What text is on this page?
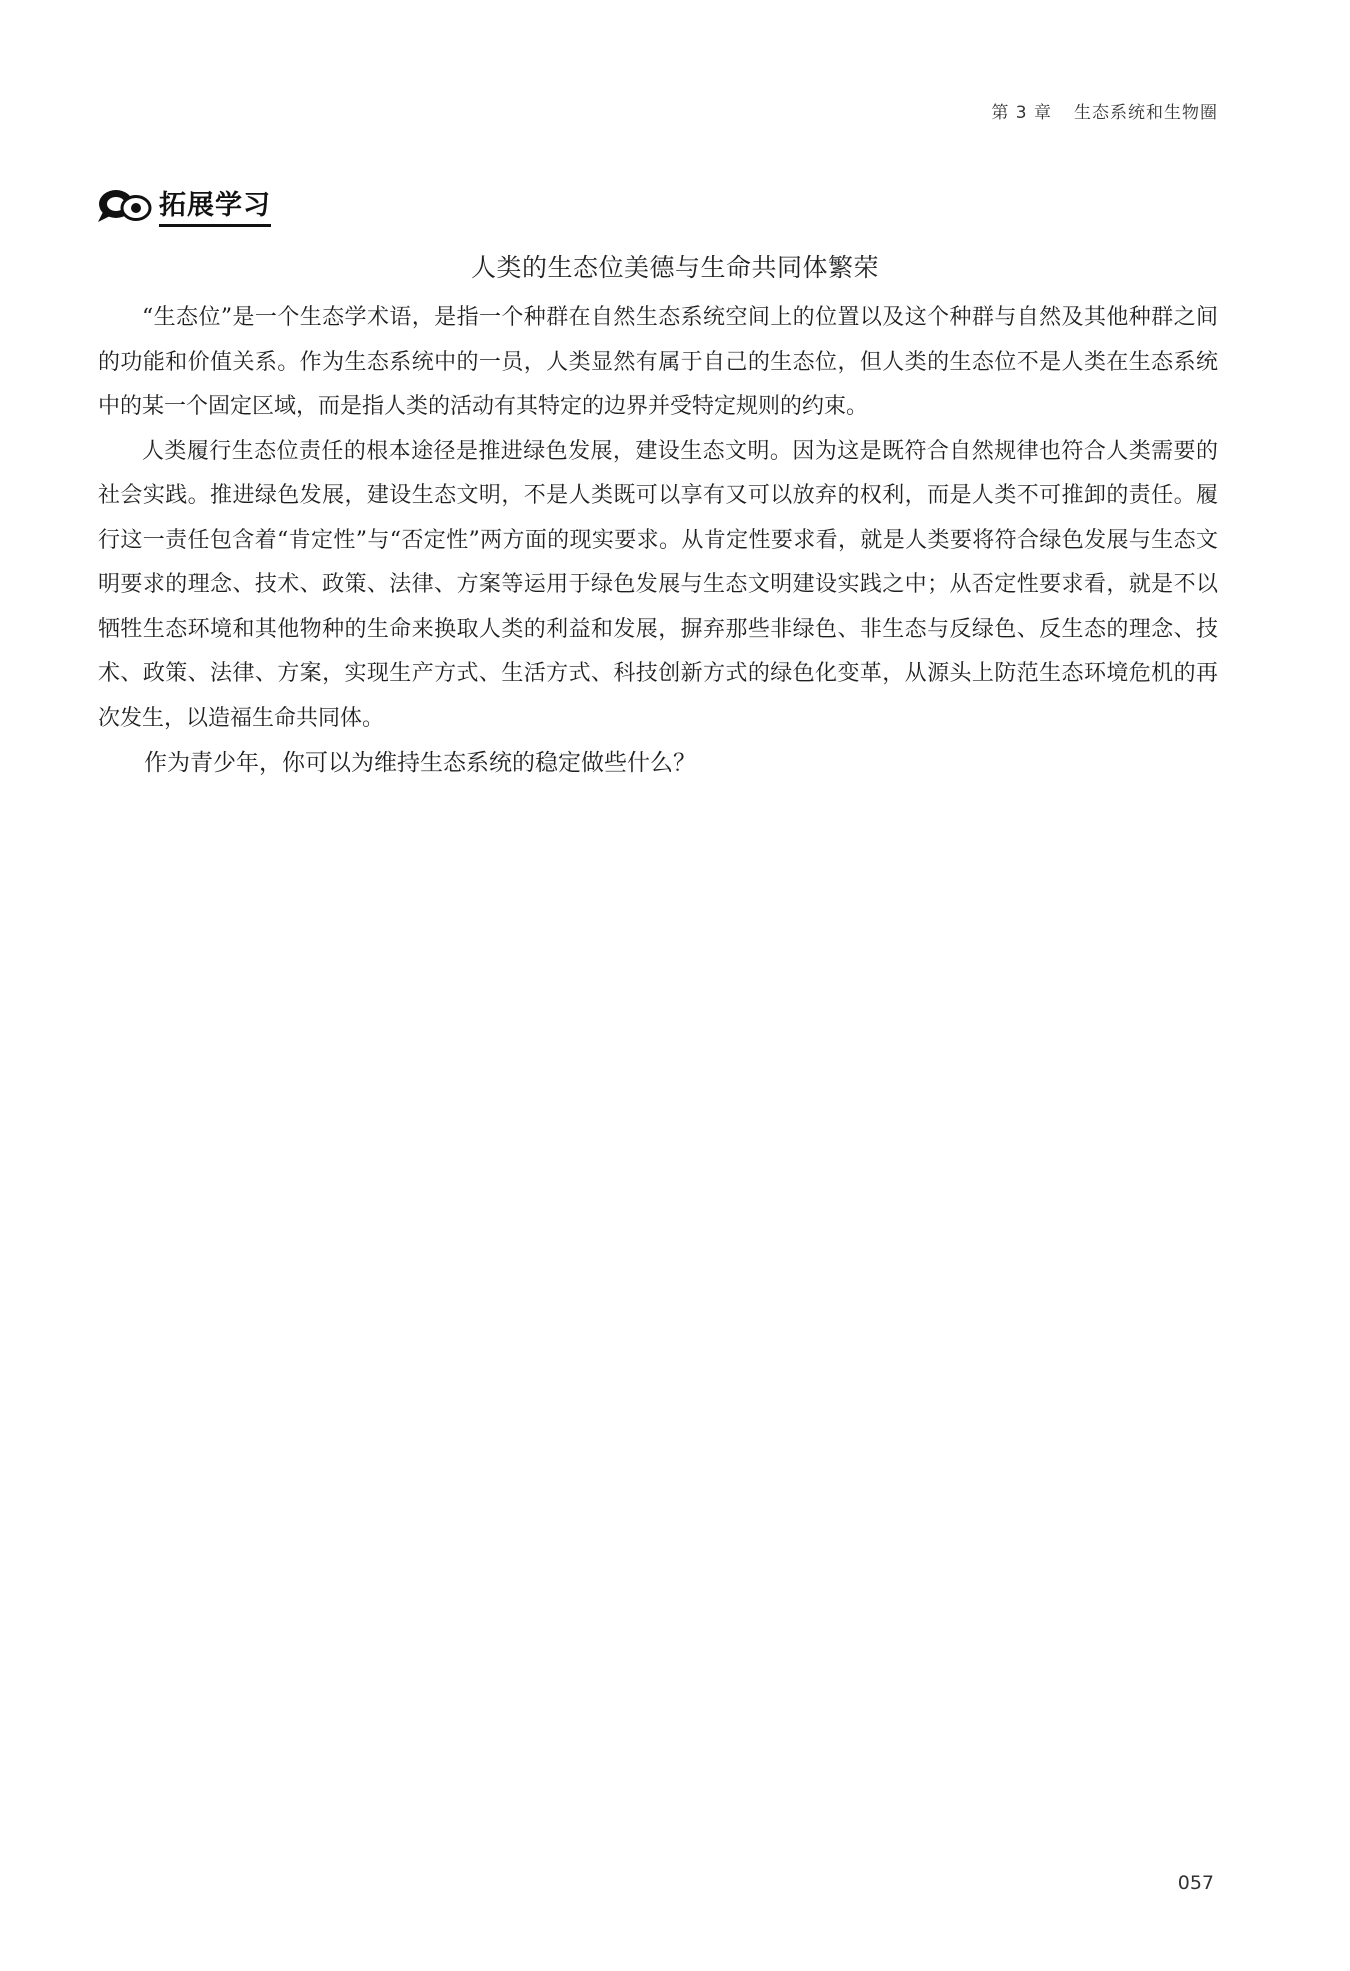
第 3 章 生态系统和生物圈
拓展学习
人类的生态位美德与生命共同体繁荣

“生态位”是一个生态学术语，是指一个种群在自然生态系统空间上的位置以及这个种群与自然及其他种群之间的功能和价值关系。作为生态系统中的一员，人类显然有属于自己的生态位，但人类的生态位不是人类在生态系统中的某一个固定区域，而是指人类的活动有其特定的边界并受特定规则的约束。

人类履行生态位责任的根本途径是推进绿色发展，建设生态文明。因为这是既符合自然规律也符合人类需要的社会实践。推进绿色发展，建设生态文明，不是人类既可以享有又可以放弃的权利，而是人类不可推卸的责任。履行这一责任包含着“肯定性”与“否定性”两方面的现实要求。从肯定性要求看，就是人类要将符合绿色发展与生态文明要求的理念、技术、政策、法律、方案等运用于绿色发展与生态文明建设实践之中；从否定性要求看，就是不以牺牲生态环境和其他物种的生命来换取人类的利益和发展，摒弃那些非绿色、非生态与反绿色、反生态的理念、技术、政策、法律、方案，实现生产方式、生活方式、科技创新方式的绿色化变革，从源头上防范生态环境危机的再次发生，以造福生命共同体。

作为青少年，你可以为维持生态系统的稳定做些什么？

057
